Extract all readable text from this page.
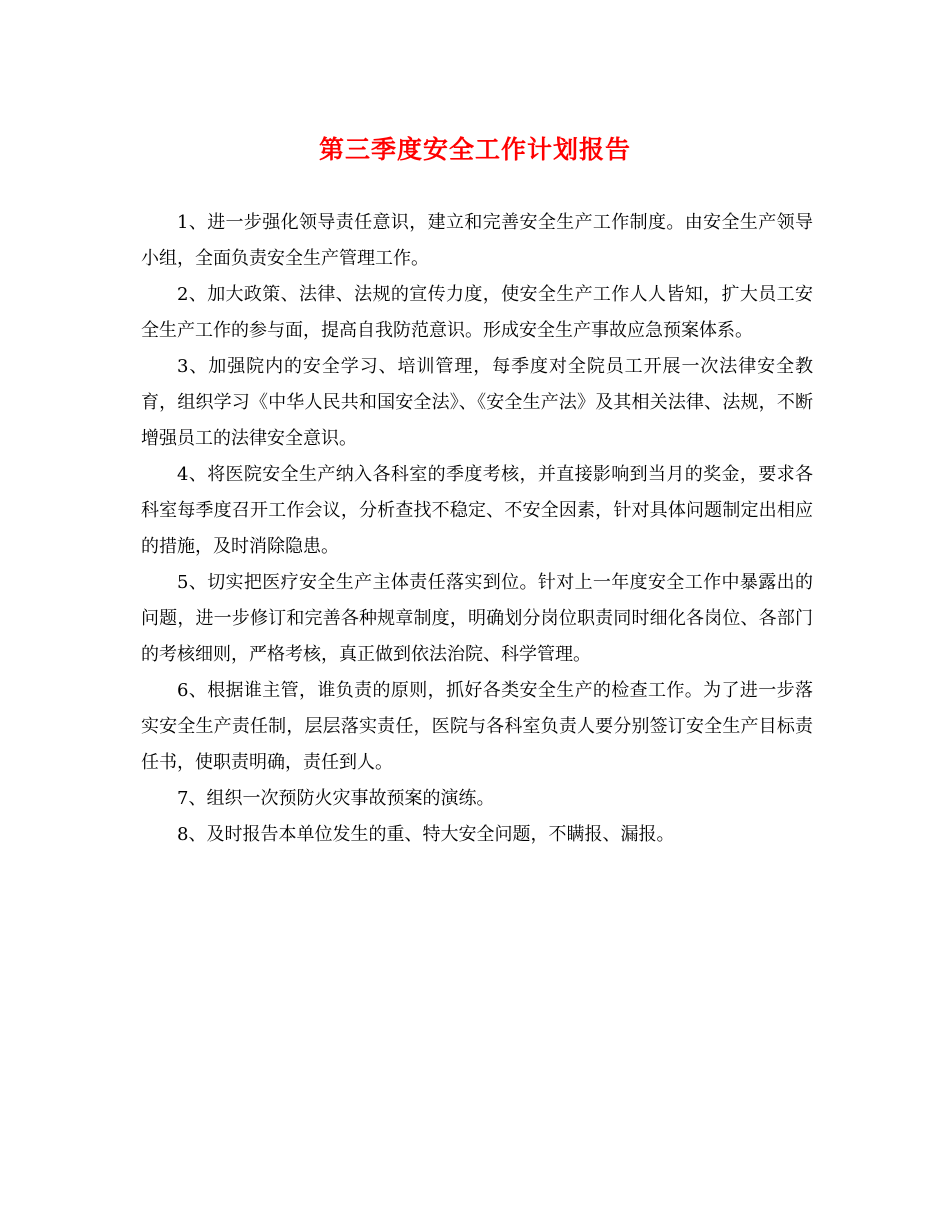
第三季度安全工作计划报告

1、进一步强化领导责任意识，建立和完善安全生产工作制度。由安全生产领导小组，全面负责安全生产管理工作。

2、加大政策、法律、法规的宣传力度，使安全生产工作人人皆知，扩大员工安全生产工作的参与面，提高自我防范意识。形成安全生产事故应急预案体系。

3、加强院内的安全学习、培训管理，每季度对全院员工开展一次法律安全教育，组织学习《中华人民共和国安全法》、《安全生产法》及其相关法律、法规，不断增强员工的法律安全意识。

4、将医院安全生产纳入各科室的季度考核，并直接影响到当月的奖金，要求各科室每季度召开工作会议，分析查找不稳定、不安全因素，针对具体问题制定出相应的措施，及时消除隐患。

5、切实把医疗安全生产主体责任落实到位。针对上一年度安全工作中暴露出的问题，进一步修订和完善各种规章制度，明确划分岗位职责同时细化各岗位、各部门的考核细则，严格考核，真正做到依法治院、科学管理。

6、根据谁主管，谁负责的原则，抓好各类安全生产的检查工作。为了进一步落实安全生产责任制，层层落实责任，医院与各科室负责人要分别签订安全生产目标责任书，使职责明确，责任到人。

7、组织一次预防火灾事故预案的演练。

8、及时报告本单位发生的重、特大安全问题，不瞒报、漏报。
